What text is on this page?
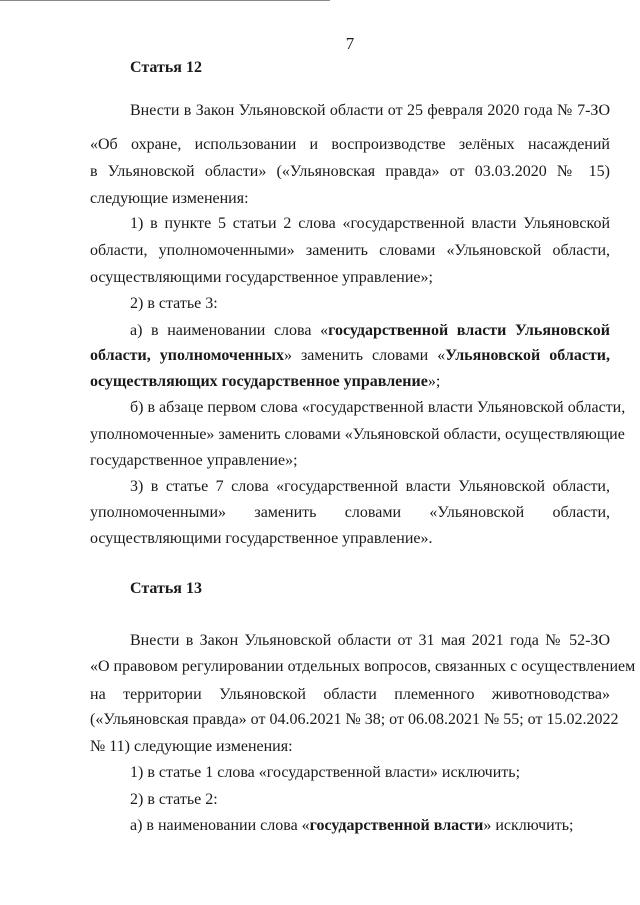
7
Статья 12
Внести в Закон Ульяновской области от 25 февраля 2020 года № 7-ЗО
«Об охране, использовании и воспроизводстве зелёных насаждений
в Ульяновской области» («Ульяновская правда» от 03.03.2020 № 15)
следующие изменения:
1) в пункте 5 статьи 2 слова «государственной власти Ульяновской
области, уполномоченными» заменить словами «Ульяновской области,
осуществляющими государственное управление»;
2) в статье 3:
а) в наименовании слова «государственной власти Ульяновской
области, уполномоченных» заменить словами «Ульяновской области,
осуществляющих государственное управление»;
б) в абзаце первом слова «государственной власти Ульяновской области,
уполномоченные» заменить словами «Ульяновской области, осуществляющие
государственное управление»;
3) в статье 7 слова «государственной власти Ульяновской области,
уполномоченными» заменить словами «Ульяновской области,
осуществляющими государственное управление».
Статья 13
Внести в Закон Ульяновской области от 31 мая 2021 года № 52-ЗО
«О правовом регулировании отдельных вопросов, связанных с осуществлением
на территории Ульяновской области племенного животноводства»
(«Ульяновская правда» от 04.06.2021 № 38; от 06.08.2021 № 55; от 15.02.2022
№ 11) следующие изменения:
1) в статье 1 слова «государственной власти» исключить;
2) в статье 2:
а) в наименовании слова «государственной власти» исключить;
